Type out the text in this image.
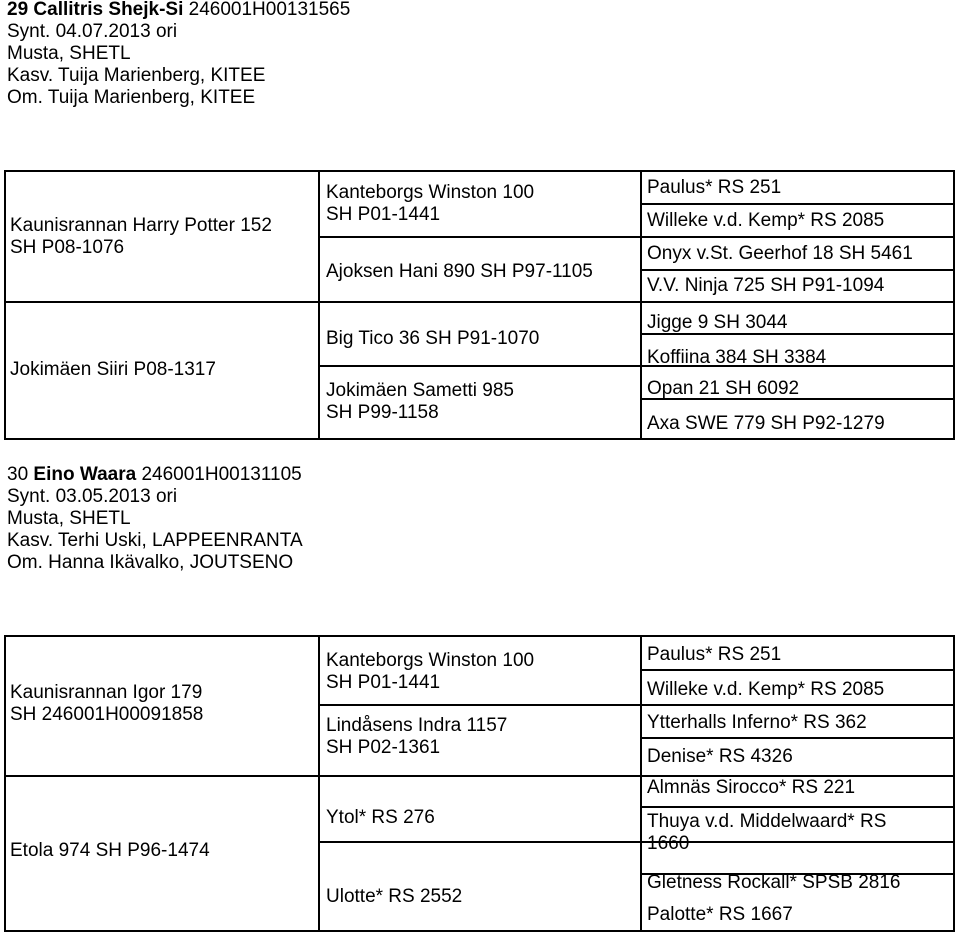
29 Callitris Shejk-Si 246001H00131565
Synt. 04.07.2013 ori
Musta, SHETL
Kasv. Tuija Marienberg, KITEE
Om. Tuija Marienberg, KITEE
Kaunisrannan Harry Potter 152
SH P08-1076
Jokimäen Siiri P08-1317
Kanteborgs Winston 100
SH P01-1441
Ajoksen Hani 890 SH P97-1105
Big Tico 36 SH P91-1070
Jokimäen Sametti 985
SH P99-1158
Paulus* RS 251
Willeke v.d. Kemp* RS 2085
Onyx v.St. Geerhof 18 SH 5461
V.V. Ninja 725 SH P91-1094
Jigge 9 SH 3044
Koffiina 384 SH 3384
Opan 21 SH 6092
Axa SWE 779 SH P92-1279
30 Eino Waara 246001H00131105
Synt. 03.05.2013 ori
Musta, SHETL
Kasv. Terhi Uski, LAPPEENRANTA
Om. Hanna Ikävalko, JOUTSENO
Kaunisrannan Igor 179
SH 246001H00091858
Etola 974 SH P96-1474
Kanteborgs Winston 100
SH P01-1441
Lindåsens Indra 1157
SH P02-1361
Ytol* RS 276
Ulotte* RS 2552
Paulus* RS 251
Willeke v.d. Kemp* RS 2085
Ytterhalls Inferno* RS 362
Denise* RS 4326
Almnäs Sirocco* RS 221
Thuya v.d. Middelwaard* RS
1660
Gletness Rockall* SPSB 2816
Palotte* RS 1667
